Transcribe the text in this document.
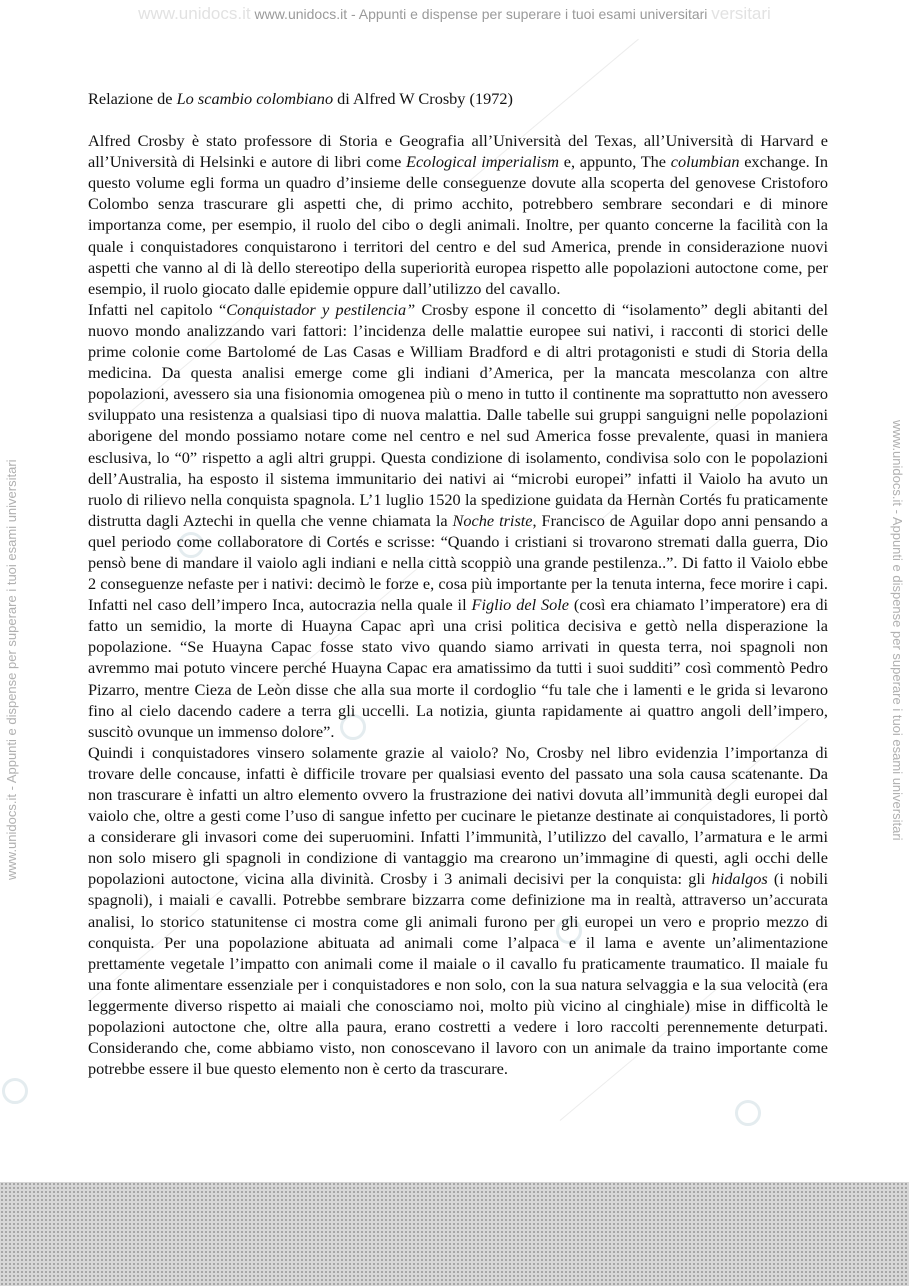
www.unidocs.it www.unidocs.it - Appunti e dispense per superare i tuoi esami universitari versitari
www.unidocs.it - Appunti e dispense per superare i tuoi esami universitari	www.unidocs.it - Appunti e dispense per superare i tuoi esami universitari
Relazione de Lo scambio colombiano di Alfred W Crosby (1972)

Alfred Crosby è stato professore di Storia e Geografia all’Università del Texas, all’Università di Harvard e all’Università di Helsinki e autore di libri come Ecological imperialism e, appunto, The columbian exchange. In questo volume egli forma un quadro d’insieme delle conseguenze dovute alla scoperta del genovese Cristoforo Colombo senza trascurare gli aspetti che, di primo acchito, potrebbero sembrare secondari e di minore importanza come, per esempio, il ruolo del cibo o degli animali. Inoltre, per quanto concerne la facilità con la quale i conquistadores conquistarono i territori del centro e del sud America, prende in considerazione nuovi aspetti che vanno al di là dello stereotipo della superiorità europea rispetto alle popolazioni autoctone come, per esempio, il ruolo giocato dalle epidemie oppure dall’utilizzo del cavallo.

Infatti nel capitolo “Conquistador y pestilencia” Crosby espone il concetto di “isolamento” degli abitanti del nuovo mondo analizzando vari fattori: l’incidenza delle malattie europee sui nativi, i racconti di storici delle prime colonie come Bartolomé de Las Casas e William Bradford e di altri protagonisti e studi di Storia della medicina. Da questa analisi emerge come gli indiani d’America, per la mancata mescolanza con altre popolazioni, avessero sia una fisionomia omogenea più o meno in tutto il continente ma soprattutto non avessero sviluppato una resistenza a qualsiasi tipo di nuova malattia. Dalle tabelle sui gruppi sanguigni nelle popolazioni aborigene del mondo possiamo notare come nel centro e nel sud America fosse prevalente, quasi in maniera esclusiva, lo “0” rispetto a agli altri gruppi. Questa condizione di isolamento, condivisa solo con le popolazioni dell’Australia, ha esposto il sistema immunitario dei nativi ai “microbi europei” infatti il Vaiolo ha avuto un ruolo di rilievo nella conquista spagnola. L’1 luglio 1520 la spedizione guidata da Hernàn Cortés fu praticamente distrutta dagli Aztechi in quella che venne chiamata la Noche triste, Francisco de Aguilar dopo anni pensando a quel periodo come collaboratore di Cortés e scrisse: “Quando i cristiani si trovarono stremati dalla guerra, Dio pensò bene di mandare il vaiolo agli indiani e nella città scoppiò una grande pestilenza..”. Di fatto il Vaiolo ebbe 2 conseguenze nefaste per i nativi: decimò le forze e, cosa più importante per la tenuta interna, fece morire i capi. Infatti nel caso dell’impero Inca, autocrazia nella quale il Figlio del Sole (così era chiamato l’imperatore) era di fatto un semidio, la morte di Huayna Capac aprì una crisi politica decisiva e gettò nella disperazione la popolazione. “Se Huayna Capac fosse stato vivo quando siamo arrivati in questa terra, noi spagnoli non avremmo mai potuto vincere perché Huayna Capac era amatissimo da tutti i suoi sudditi” così commentò Pedro Pizarro, mentre Cieza de Leòn disse che alla sua morte il cordoglio “fu tale che i lamenti e le grida si levarono fino al cielo dacendo cadere a terra gli uccelli. La notizia, giunta rapidamente ai quattro angoli dell’impero, suscitò ovunque un immenso dolore”.

Quindi i conquistadores vinsero solamente grazie al vaiolo? No, Crosby nel libro evidenzia l’importanza di trovare delle concause, infatti è difficile trovare per qualsiasi evento del passato una sola causa scatenante. Da non trascurare è infatti un altro elemento ovvero la frustrazione dei nativi dovuta all’immunità degli europei dal vaiolo che, oltre a gesti come l’uso di sangue infetto per cucinare le pietanze destinate ai conquistadores, li portò a considerare gli invasori come dei superuomini. Infatti l’immunità, l’utilizzo del cavallo, l’armatura e le armi non solo misero gli spagnoli in condizione di vantaggio ma crearono un’immagine di questi, agli occhi delle popolazioni autoctone, vicina alla divinità. Crosby i 3 animali decisivi per la conquista: gli hidalgos (i nobili spagnoli), i maiali e cavalli. Potrebbe sembrare bizzarra come definizione ma in realtà, attraverso un’accurata analisi, lo storico statunitense ci mostra come gli animali furono per gli europei un vero e proprio mezzo di conquista. Per una popolazione abituata ad animali come l’alpaca e il lama e avente un’alimentazione prettamente vegetale l’impatto con animali come il maiale o il cavallo fu praticamente traumatico. Il maiale fu una fonte alimentare essenziale per i conquistadores e non solo, con la sua natura selvaggia e la sua velocità (era leggermente diverso rispetto ai maiali che conosciamo noi, molto più vicino al cinghiale) mise in difficoltà le popolazioni autoctone che, oltre alla paura, erano costretti a vedere i loro raccolti perennemente deturpati. Considerando che, come abbiamo visto, non conoscevano il lavoro con un animale da traino importante come potrebbe essere il bue questo elemento non è certo da trascurare.
